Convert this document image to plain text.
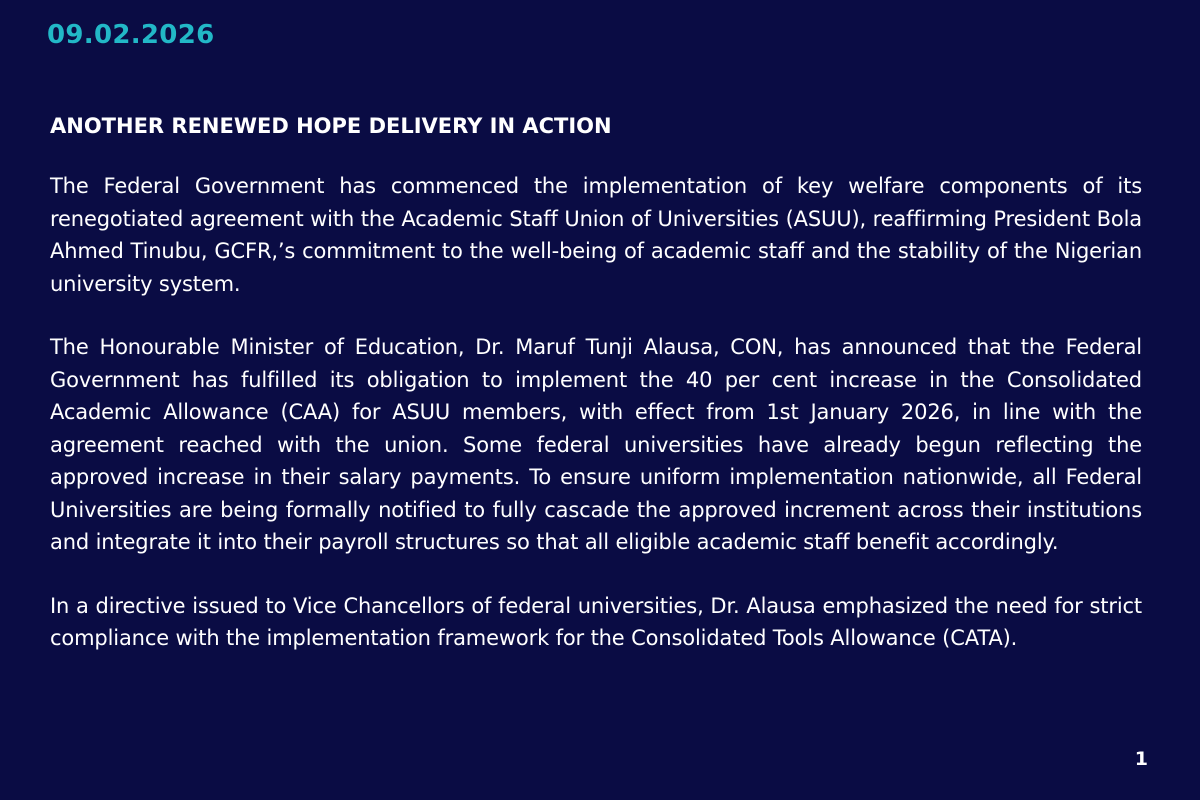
09.02.2026
ANOTHER RENEWED HOPE DELIVERY IN ACTION

The Federal Government has commenced the implementation of key welfare components of its renegotiated agreement with the Academic Staff Union of Universities (ASUU), reaffirming President Bola Ahmed Tinubu, GCFR,’s commitment to the well-being of academic staff and the stability of the Nigerian university system.

The Honourable Minister of Education, Dr. Maruf Tunji Alausa, CON, has announced that the Federal Government has fulfilled its obligation to implement the 40 per cent increase in the Consolidated Academic Allowance (CAA) for ASUU members, with effect from 1st January 2026, in line with the agreement reached with the union. Some federal universities have already begun reflecting the approved increase in their salary payments. To ensure uniform implementation nationwide, all Federal Universities are being formally notified to fully cascade the approved increment across their institutions and integrate it into their payroll structures so that all eligible academic staff benefit accordingly.

In a directive issued to Vice Chancellors of federal universities, Dr. Alausa emphasized the need for strict compliance with the implementation framework for the Consolidated Tools Allowance (CATA).

1
